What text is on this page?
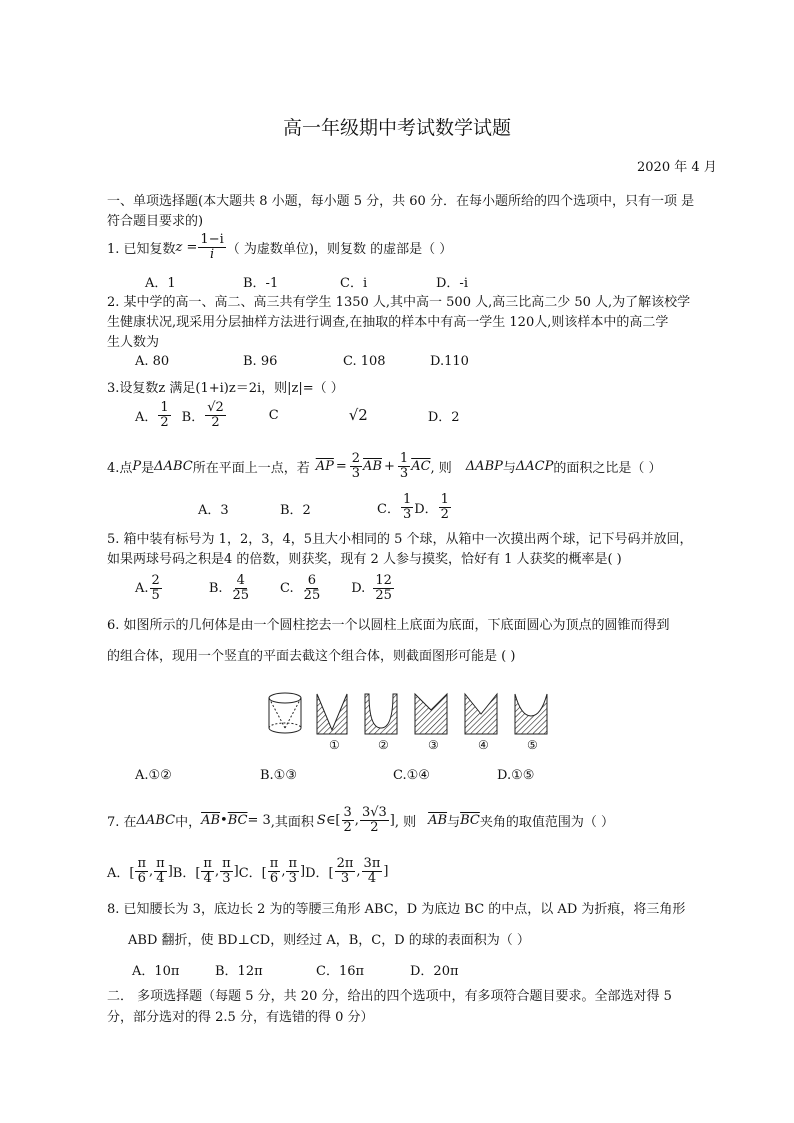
高一年级期中考试数学试题
2020 年 4 月
一、单项选择题(本大题共 8 小题，每小题 5 分，共 60 分．在每小题所给的四个选项中，只有一项 是
符合题目要求的)
1. 已知复数 $z = \frac{1-i}{i}$ （ 为虚数单位)，则复数 的虚部是（ ）
A．1	B．-1	C．i	D．-i
2. 某中学的高一、高二、高三共有学生 1350 人,其中高一 500 人,高三比高二少 50 人,为了解该校学
生健康状况,现采用分层抽样方法进行调查,在抽取的样本中有高一学生 120人,则该样本中的高二学
生人数为
A. 80	B. 96	C. 108	D.110
3.设复数z 满足(1+i)z＝2i，则|z|=（ ）
A． $\frac{1}{2}$ B． $\frac{√2}{2}$	C	√2	D．2
4.点 P 是 ΔABC 所在平面上一点，若 $\overline{AP} = \frac{2}{3} \overline{AB} + \frac{1}{3} \overline{AC}$ , 则 ΔABP 与 ΔACP 的面积之比是（ ）
A．3	B．2	C． $\frac{1}{3}$ D． $\frac{1}{2}$
5. 箱中装有标号为 1，2，3，4，5且大小相同的 5 个球，从箱中一次摸出两个球，记下号码并放回，
如果两球号码之积是4 的倍数，则获奖，现有 2 人参与摸奖，恰好有 1 人获奖的概率是( )
A. $\frac{2}{5}$	B. $\frac{4}{25} C$. $\frac{6}{25} D$. $\frac{12}{25}$
6. 如图所示的几何体是由一个圆柱挖去一个以圆柱上底面为底面，下底面圆心为顶点的圆锥而得到
的组合体，现用一个竖直的平面去截这个组合体，则截面图形可能是 ( )
①	②	③	④	⑤
A.①②	B.①③	C.①④	D.①⑤
7. 在 ΔABC 中， $\overline{AB}$ • $\overline{BC} = 3$ ,其面积 S ∈[ $\frac{3}{2}$ , $\frac{3√3}{2}$ ] , 则 $\overline{AB}$ 与 $\overline{BC}$ 夹角的取值范围为（ ）
A．[ $\frac{\pi}{6}$ , $\frac{\pi}{4}$ ] B．[ $\frac{\pi}{4}$ , $\frac{\pi}{3}$ ] C．[ $\frac{\pi}{6}$ , $\frac{\pi}{3}$ ] D．[ $\frac{2\pi}{3}$ , $\frac{3\pi}{4}$ ]
8. 已知腰长为 3，底边长 2 为的等腰三角形 ABC，D 为底边 BC 的中点，以 AD 为折痕，将三角形
ABD 翻折，使 BD⊥CD，则经过 A，B，C，D 的球的表面积为（ ）
A．10π	B．12π	C．16π	D．20π
二． 多项选择题（每题 5 分，共 20 分，给出的四个选项中，有多项符合题目要求。全部选对得 5
分，部分选对的得 2.5 分，有选错的得 0 分）
